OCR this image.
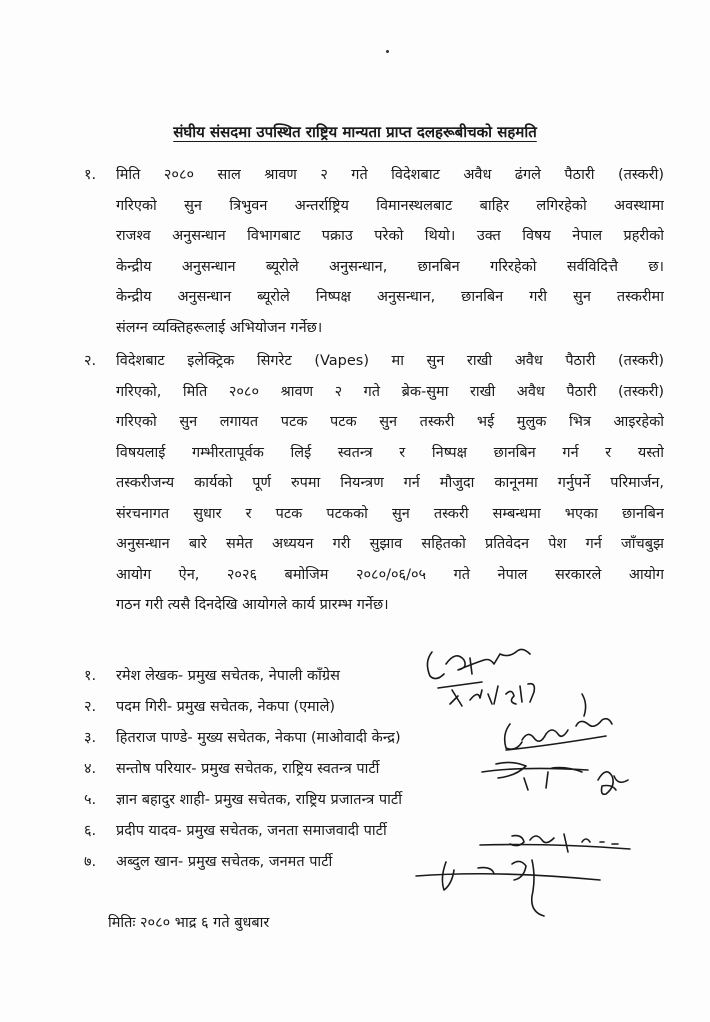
संघीय संसदमा उपस्थित राष्ट्रिय मान्यता प्राप्त दलहरूबीचको सहमति
१.	मिति २०८० साल श्रावण २ गते विदेशबाट अवैध ढंगले पैठारी (तस्करी)
गरिएको सुन त्रिभुवन अन्तर्राष्ट्रिय विमानस्थलबाट बाहिर लगिरहेको अवस्थामा
राजश्व अनुसन्धान विभागबाट पक्राउ परेको थियो। उक्त विषय नेपाल प्रहरीको
केन्द्रीय अनुसन्धान ब्यूरोले अनुसन्धान, छानबिन गरिरहेको सर्वविदित्तै छ।
केन्द्रीय अनुसन्धान ब्यूरोले निष्पक्ष अनुसन्धान, छानबिन गरी सुन तस्करीमा
संलग्न व्यक्तिहरूलाई अभियोजन गर्नेछ।
२.	विदेशबाट इलेक्ट्रिक सिगरेट (Vapes) मा सुन राखी अवैध पैठारी (तस्करी)
गरिएको, मिति २०८० श्रावण २ गते ब्रेक-सुमा राखी अवैध पैठारी (तस्करी)
गरिएको सुन लगायत पटक पटक सुन तस्करी भई मुलुक भित्र आइरहेको
विषयलाई गम्भीरतापूर्वक लिई स्वतन्त्र र निष्पक्ष छानबिन गर्न र यस्तो
तस्करीजन्य कार्यको पूर्ण रुपमा नियन्त्रण गर्न मौजुदा कानूनमा गर्नुपर्ने परिमार्जन,
संरचनागत सुधार र पटक पटकको सुन तस्करी सम्बन्धमा भएका छानबिन
अनुसन्धान बारे समेत अध्ययन गरी सुझाव सहितको प्रतिवेदन पेश गर्न जाँचबुझ
आयोग ऐन, २०२६ बमोजिम २०८०/०६/०५ गते नेपाल सरकारले आयोग
गठन गरी त्यसै दिनदेखि आयोगले कार्य प्रारम्भ गर्नेछ।
१. रमेश लेखक- प्रमुख सचेतक, नेपाली काँग्रेस
२. पदम गिरी- प्रमुख सचेतक, नेकपा (एमाले)
३. हितराज पाण्डे- मुख्य सचेतक, नेकपा (माओवादी केन्द्र)
४. सन्तोष परियार- प्रमुख सचेतक, राष्ट्रिय स्वतन्त्र पार्टी
५. ज्ञान बहादुर शाही- प्रमुख सचेतक, राष्ट्रिय प्रजातन्त्र पार्टी
६. प्रदीप यादव- प्रमुख सचेतक, जनता समाजवादी पार्टी
७. अब्दुल खान- प्रमुख सचेतक, जनमत पार्टी
मितिः २०८० भाद्र ६ गते बुधबार
